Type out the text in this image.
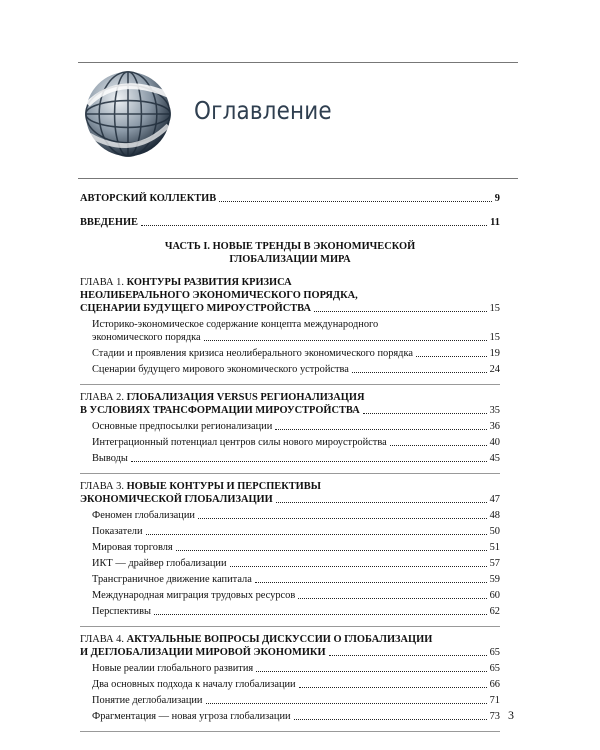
Оглавление
АВТОРСКИЙ КОЛЛЕКТИВ	9
ВВЕДЕНИЕ	11
ЧАСТЬ I. НОВЫЕ ТРЕНДЫ В ЭКОНОМИЧЕСКОЙ
ГЛОБАЛИЗАЦИИ МИРА
ГЛАВА 1. КОНТУРЫ РАЗВИТИЯ КРИЗИСА
НЕОЛИБЕРАЛЬНОГО ЭКОНОМИЧЕСКОГО ПОРЯДКА,
СЦЕНАРИИ БУДУЩЕГО МИРОУСТРОЙСТВА	15
Историко-экономическое содержание концепта международного
экономического порядка	15
Стадии и проявления кризиса неолиберального экономического порядка	19
Сценарии будущего мирового экономического устройства	24
ГЛАВА 2. ГЛОБАЛИЗАЦИЯ VERSUS РЕГИОНАЛИЗАЦИЯ
В УСЛОВИЯХ ТРАНСФОРМАЦИИ МИРОУСТРОЙСТВА	35
Основные предпосылки регионализации	36
Интеграционный потенциал центров силы нового мироустройства	40
Выводы	45
ГЛАВА 3. НОВЫЕ КОНТУРЫ И ПЕРСПЕКТИВЫ
ЭКОНОМИЧЕСКОЙ ГЛОБАЛИЗАЦИИ	47
Феномен глобализации	48
Показатели	50
Мировая торговля	51
ИКТ — драйвер глобализации	57
Трансграничное движение капитала	59
Международная миграция трудовых ресурсов	60
Перспективы	62
ГЛАВА 4. АКТУАЛЬНЫЕ ВОПРОСЫ ДИСКУССИИ О ГЛОБАЛИЗАЦИИ
И ДЕГЛОБАЛИЗАЦИИ МИРОВОЙ ЭКОНОМИКИ	65
Новые реалии глобального развития	65
Два основных подхода к началу глобализации	66
Понятие деглобализации	71
Фрагментация — новая угроза глобализации	73 3
